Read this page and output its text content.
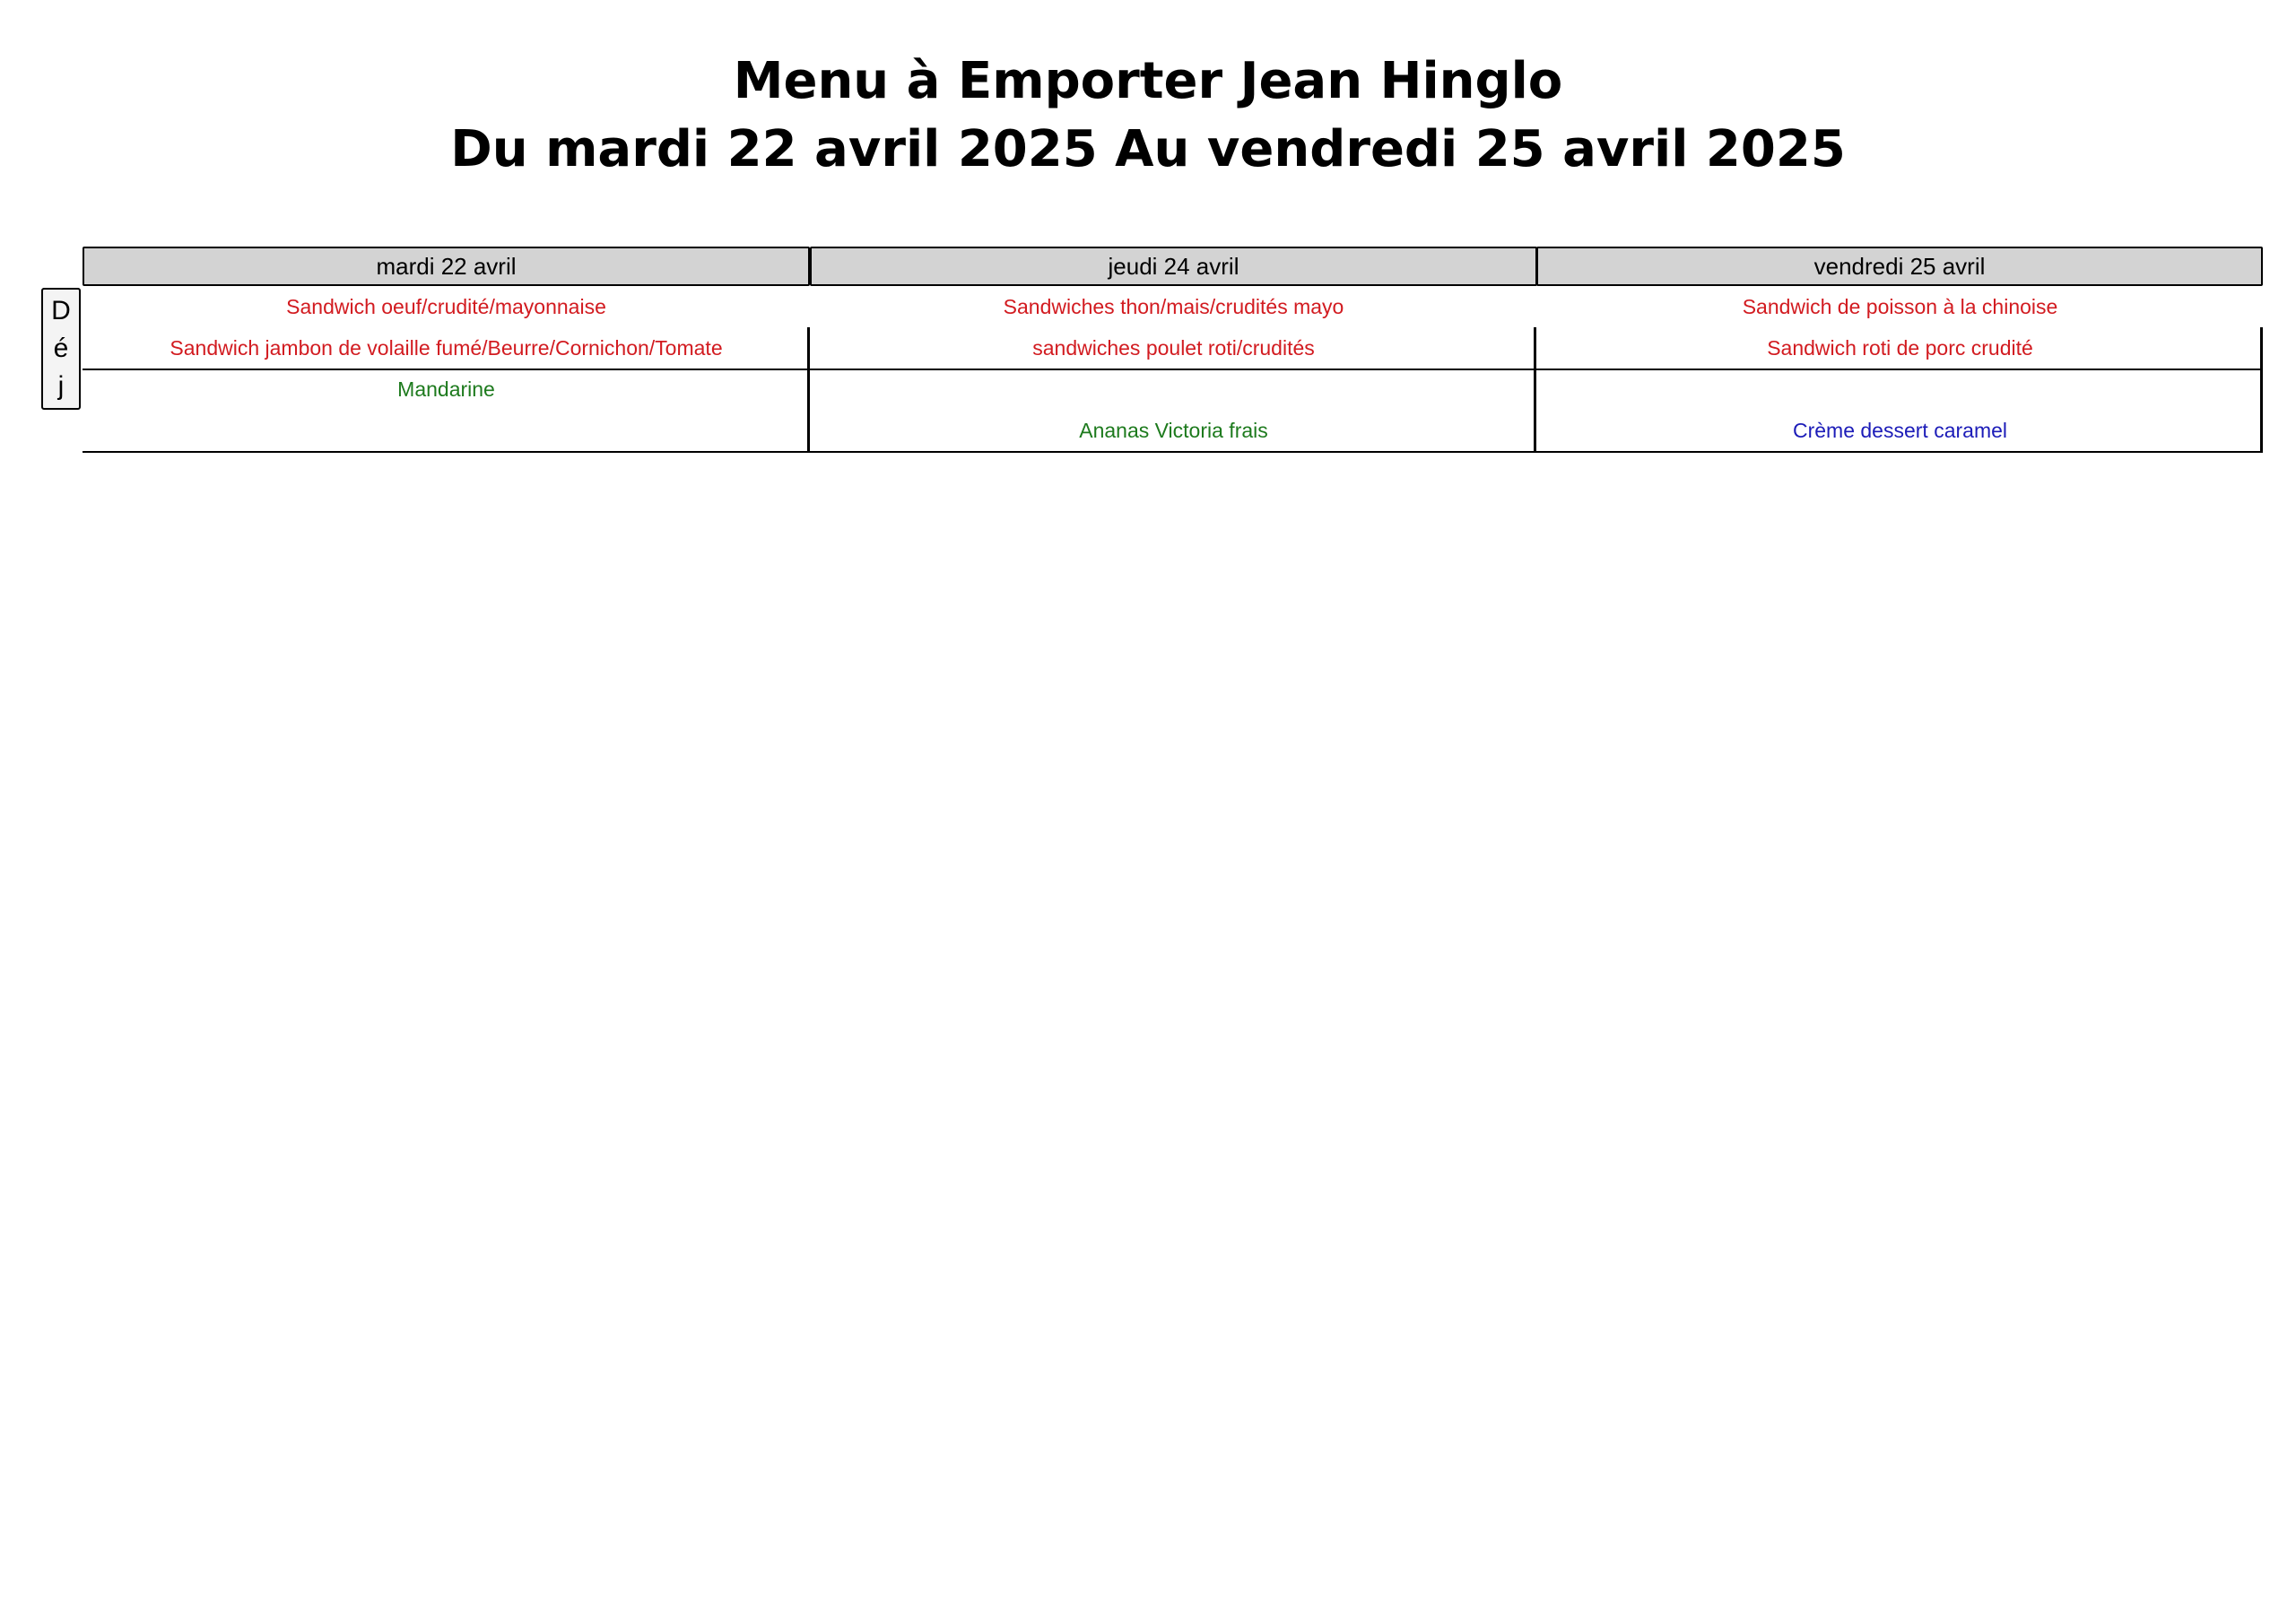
Menu à Emporter Jean Hinglo
Du mardi 22 avril 2025 Au vendredi 25 avril 2025
mardi 22 avril	jeudi 24 avril	vendredi 25 avril
D
é
j
Sandwich oeuf/crudité/mayonnaise
Sandwich jambon de volaille fumé/Beurre/Cornichon/Tomate
Mandarine
Sandwiches thon/mais/crudités mayo
sandwiches poulet roti/crudités
Ananas Victoria frais
Sandwich de poisson à la chinoise
Sandwich roti de porc crudité
Crème dessert caramel
